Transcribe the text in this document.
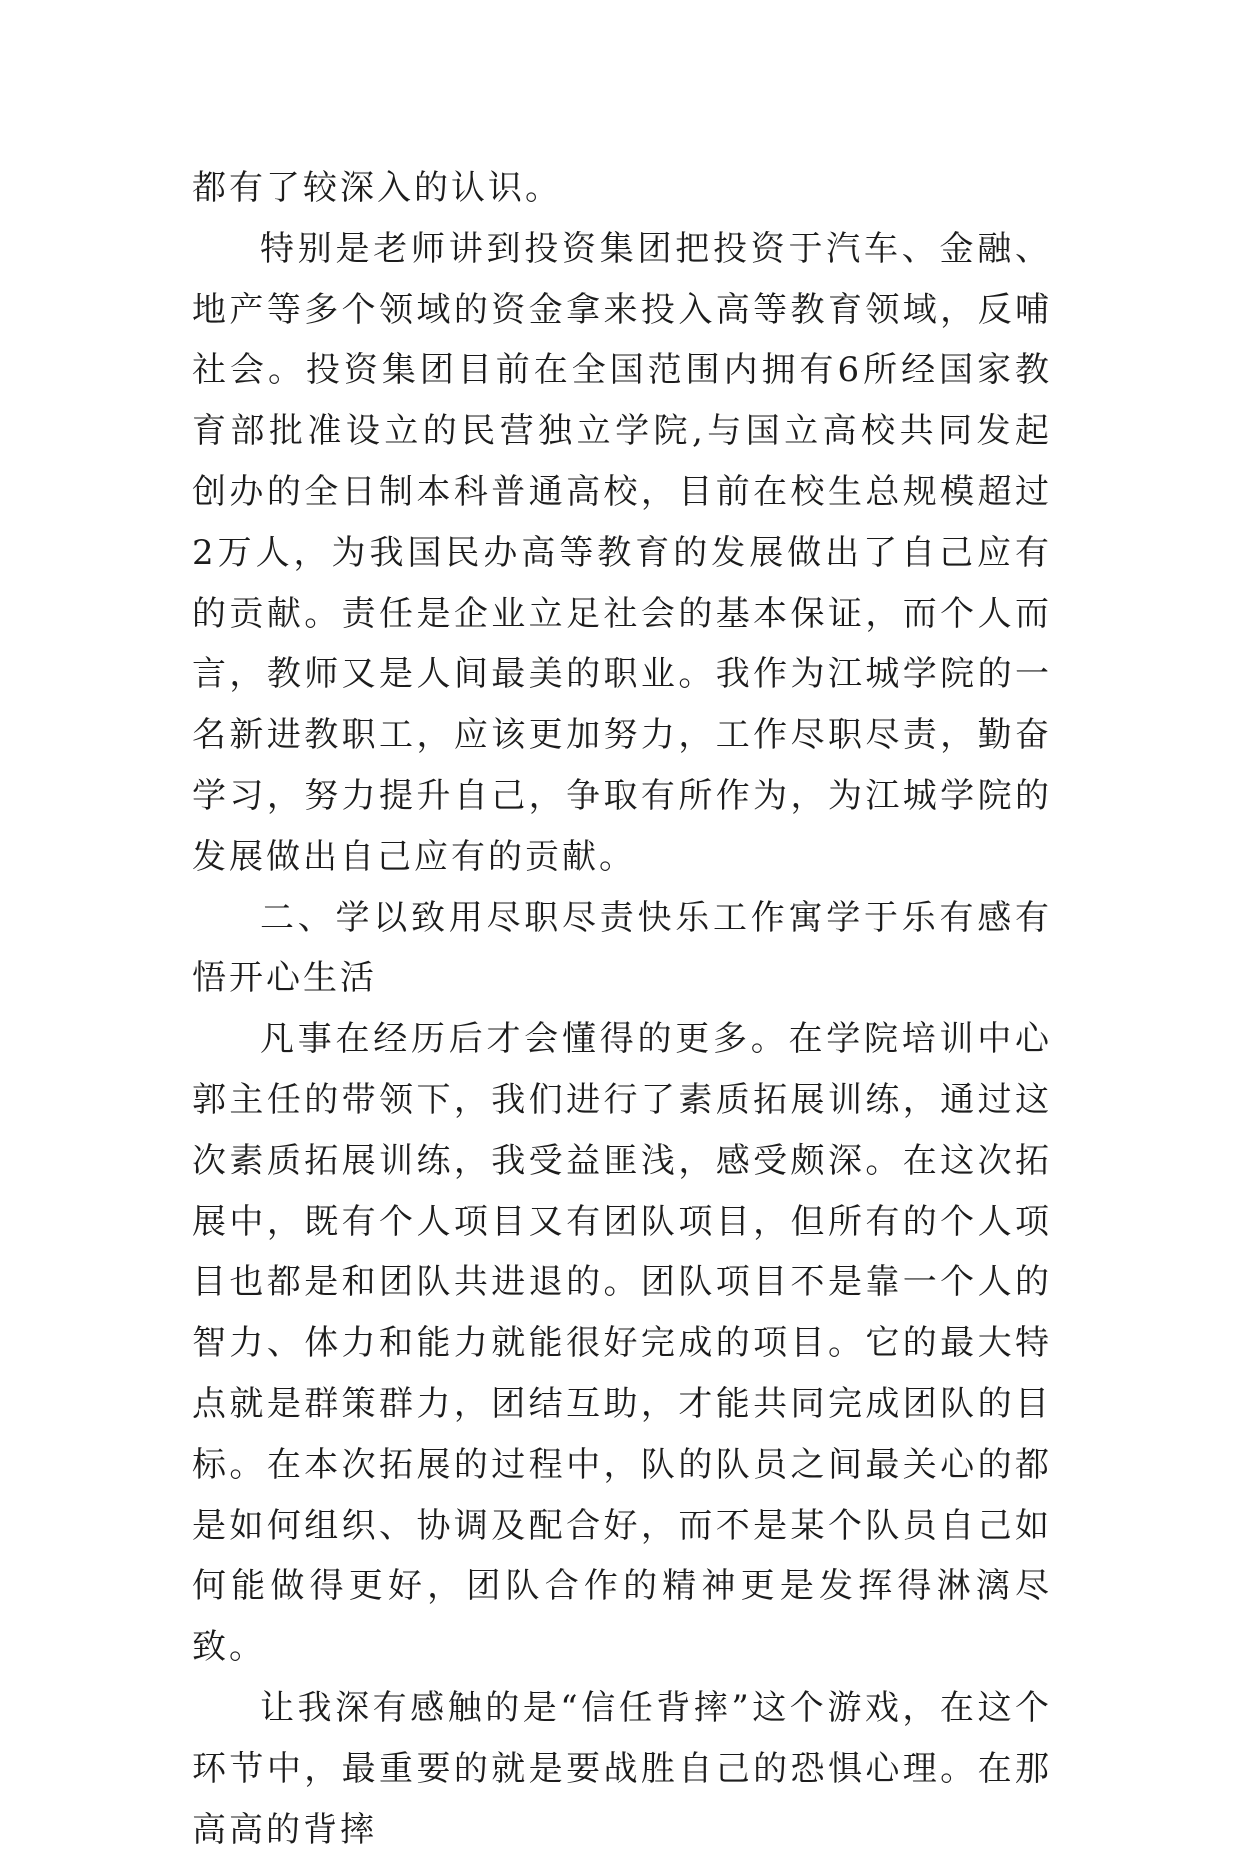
都有了较深入的认识。

特别是老师讲到投资集团把投资于汽车、金融、地产等多个领域的资金拿来投入高等教育领域，反哺社会。投资集团目前在全国范围内拥有6所经国家教育部批准设立的民营独立学院,与国立高校共同发起创办的全日制本科普通高校，目前在校生总规模超过2万人，为我国民办高等教育的发展做出了自己应有的贡献。责任是企业立足社会的基本保证，而个人而言，教师又是人间最美的职业。我作为江城学院的一名新进教职工，应该更加努力，工作尽职尽责，勤奋学习，努力提升自己，争取有所作为，为江城学院的发展做出自己应有的贡献。

二、学以致用尽职尽责快乐工作寓学于乐有感有悟开心生活

凡事在经历后才会懂得的更多。在学院培训中心郭主任的带领下，我们进行了素质拓展训练，通过这次素质拓展训练，我受益匪浅，感受颇深。在这次拓展中，既有个人项目又有团队项目，但所有的个人项目也都是和团队共进退的。团队项目不是靠一个人的智力、体力和能力就能很好完成的项目。它的最大特点就是群策群力，团结互助，才能共同完成团队的目标。在本次拓展的过程中，队的队员之间最关心的都是如何组织、协调及配合好，而不是某个队员自己如何能做得更好，团队合作的精神更是发挥得淋漓尽致。

让我深有感触的是“信任背摔”这个游戏，在这个环节中，最重要的就是要战胜自己的恐惧心理。在那高高的背摔
